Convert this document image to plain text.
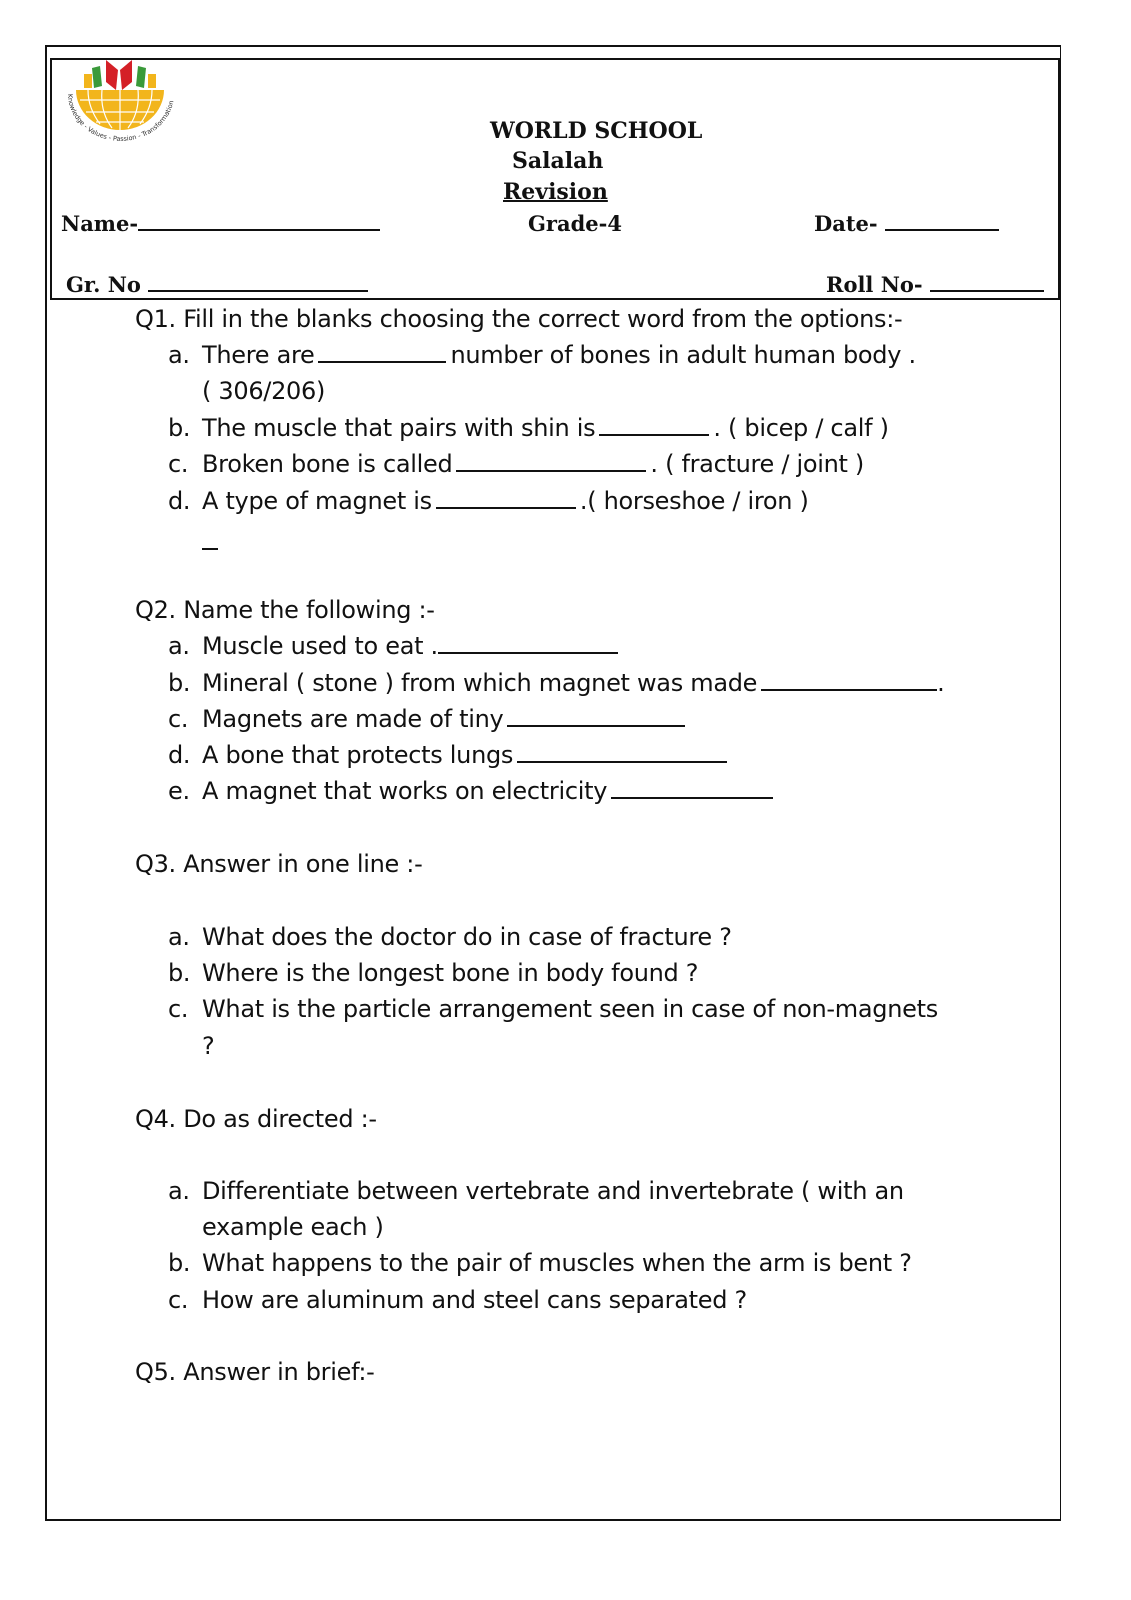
Knowledge - Values - Passion - Transformation
WORLD SCHOOL
Salalah
Revision
Name-	Grade-4	Date-
Gr. No	Roll No-
Q1. Fill in the blanks choosing the correct word from the options:-
a. There are	number of bones in adult human body .
( 306/206)
b. The muscle that pairs with shin is	. ( bicep / calf )
c. Broken bone is called	. ( fracture / joint )
d. A type of magnet is	.( horseshoe / iron )
Q2. Name the following :-
a. Muscle used to eat .
b. Mineral ( stone ) from which magnet was made	.
c. Magnets are made of tiny
d. A bone that protects lungs
e. A magnet that works on electricity
Q3. Answer in one line :-
a. What does the doctor do in case of fracture ?
b. Where is the longest bone in body found ?
c. What is the particle arrangement seen in case of non-magnets
?
Q4. Do as directed :-
a. Differentiate between vertebrate and invertebrate ( with an
example each )
b. What happens to the pair of muscles when the arm is bent ?
c. How are aluminum and steel cans separated ?
Q5. Answer in brief:-
